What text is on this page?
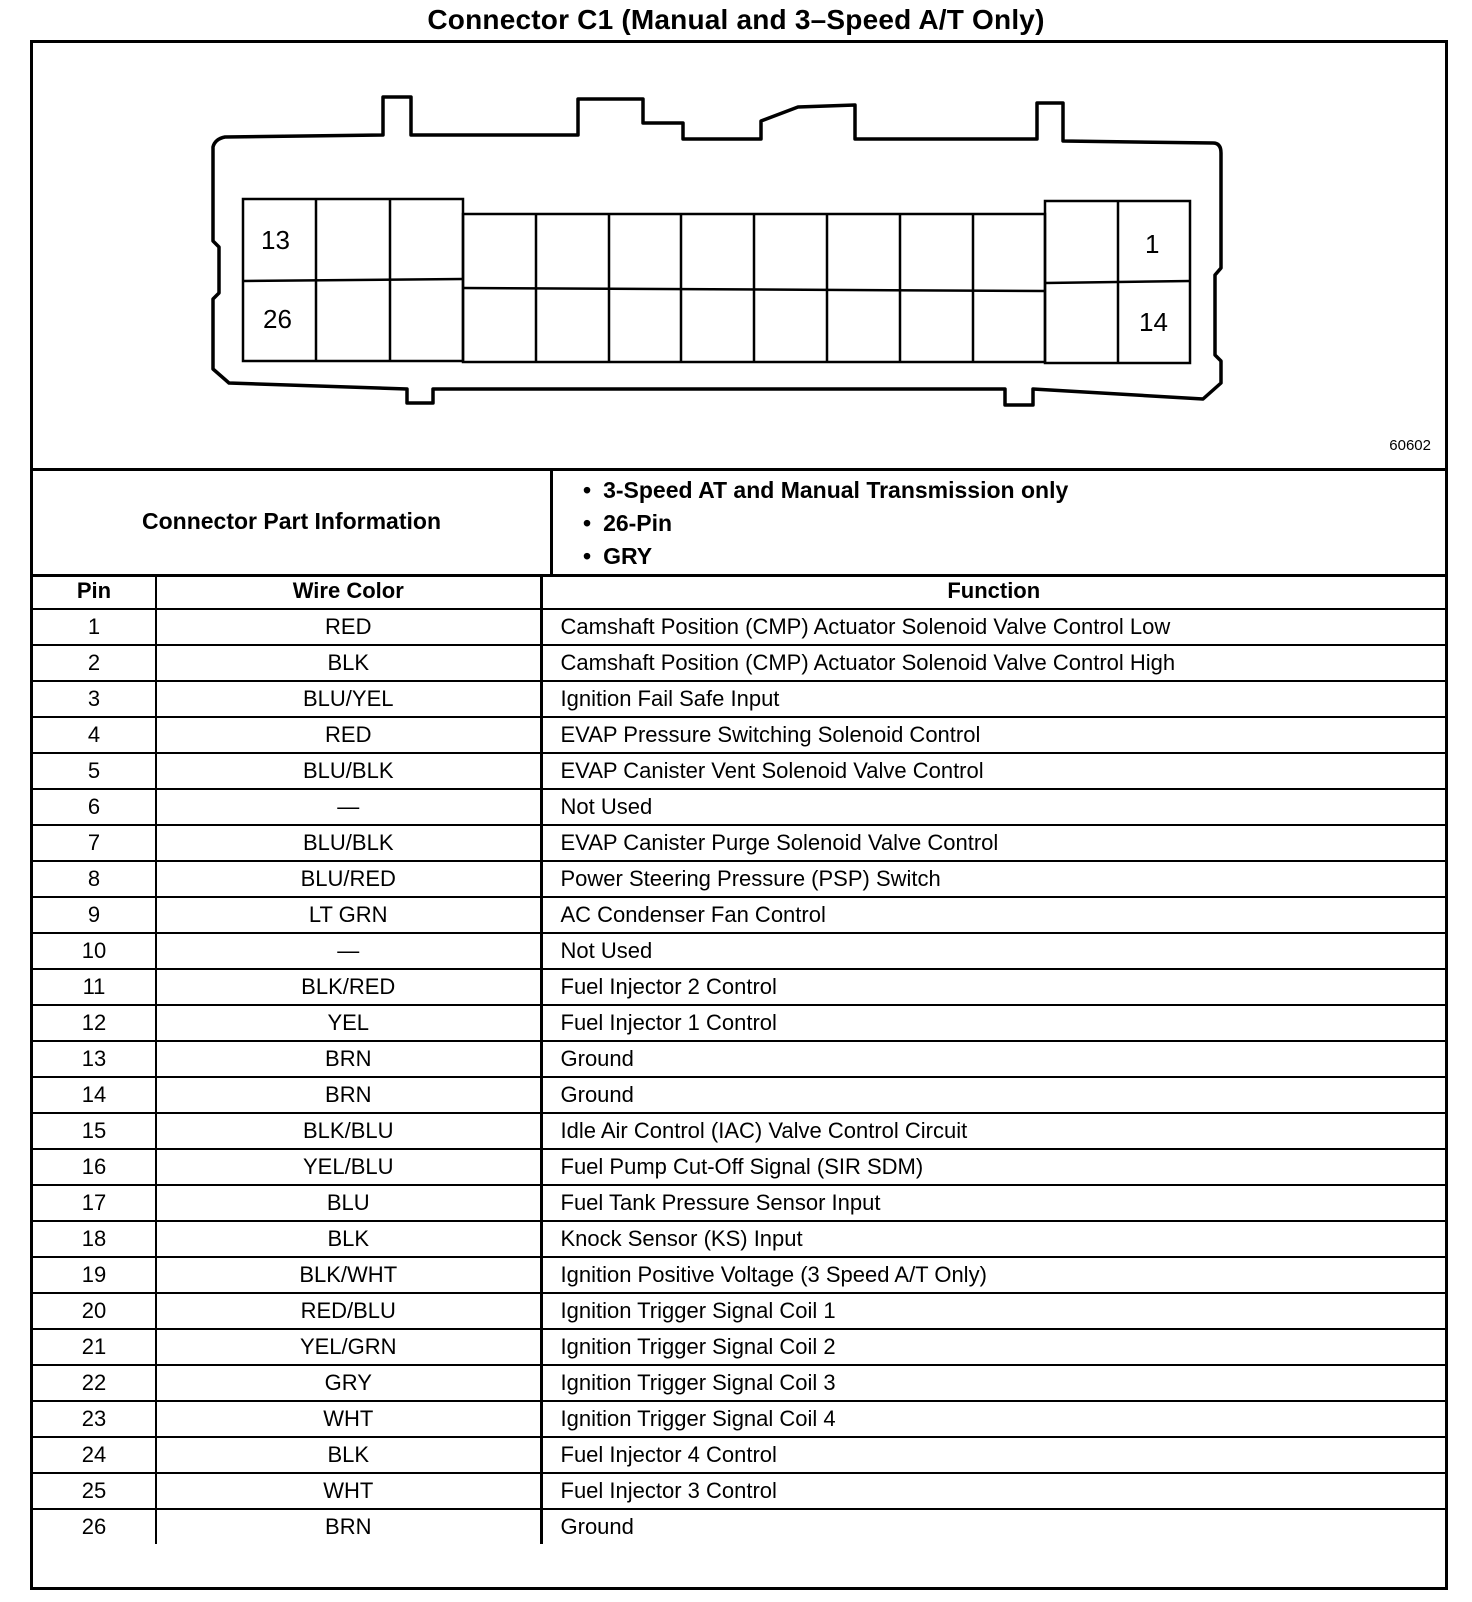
Connector C1 (Manual and 3–Speed A/T Only)
13
26
1
14
60602
Connector Part Information
• 3-Speed AT and Manual Transmission only
• 26-Pin
• GRY
Pin	Wire Color	Function
1	RED	Camshaft Position (CMP) Actuator Solenoid Valve Control Low
2	BLK	Camshaft Position (CMP) Actuator Solenoid Valve Control High
3	BLU/YEL	Ignition Fail Safe Input
4	RED	EVAP Pressure Switching Solenoid Control
5	BLU/BLK	EVAP Canister Vent Solenoid Valve Control
6	—	Not Used
7	BLU/BLK	EVAP Canister Purge Solenoid Valve Control
8	BLU/RED	Power Steering Pressure (PSP) Switch
9	LT GRN	AC Condenser Fan Control
10	—	Not Used
11	BLK/RED	Fuel Injector 2 Control
12	YEL	Fuel Injector 1 Control
13	BRN	Ground
14	BRN	Ground
15	BLK/BLU	Idle Air Control (IAC) Valve Control Circuit
16	YEL/BLU	Fuel Pump Cut-Off Signal (SIR SDM)
17	BLU	Fuel Tank Pressure Sensor Input
18	BLK	Knock Sensor (KS) Input
19	BLK/WHT	Ignition Positive Voltage (3 Speed A/T Only)
20	RED/BLU	Ignition Trigger Signal Coil 1
21	YEL/GRN	Ignition Trigger Signal Coil 2
22	GRY	Ignition Trigger Signal Coil 3
23	WHT	Ignition Trigger Signal Coil 4
24	BLK	Fuel Injector 4 Control
25	WHT	Fuel Injector 3 Control
26	BRN	Ground
